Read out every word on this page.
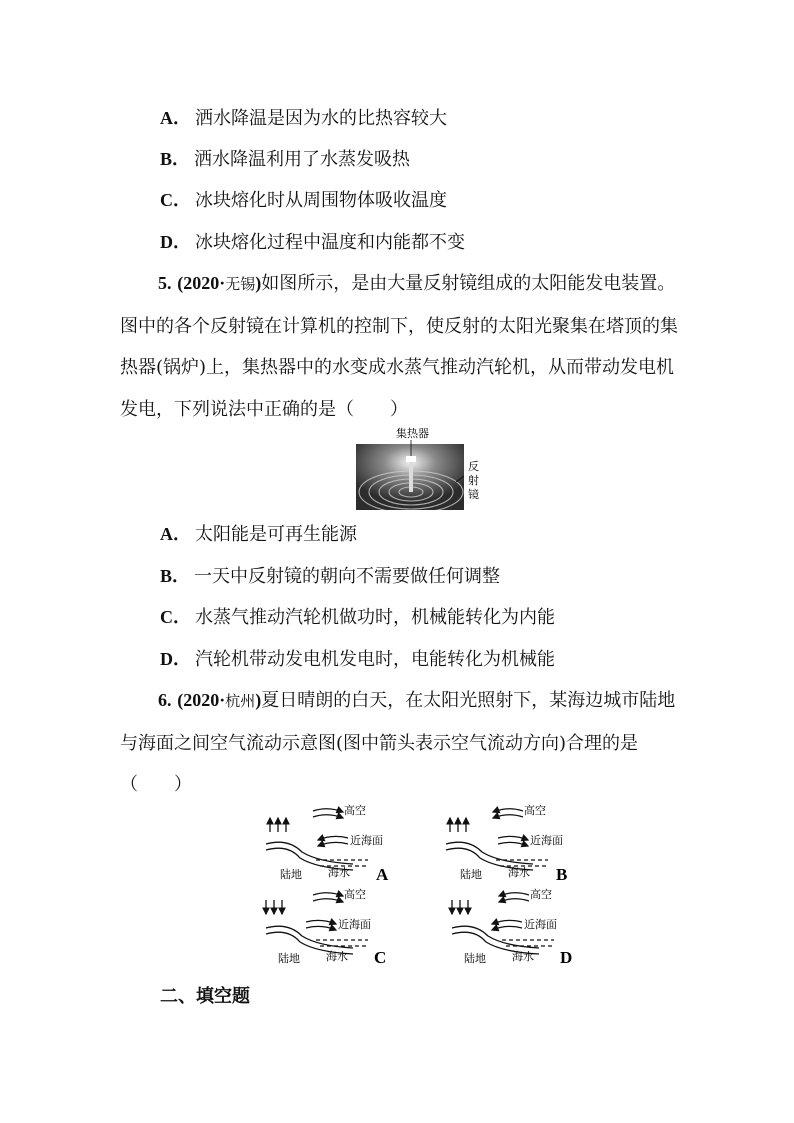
A． 洒水降温是因为水的比热容较大
B． 洒水降温利用了水蒸发吸热
C． 冰块熔化时从周围物体吸收温度
D． 冰块熔化过程中温度和内能都不变
5. (2020·无锡)如图所示，是由大量反射镜组成的太阳能发电装置。图中的各个反射镜在计算机的控制下，使反射的太阳光聚集在塔顶的集热器(锅炉)上，集热器中的水变成水蒸气推动汽轮机，从而带动发电机发电，下列说法中正确的是（　　）
集热器
反
射
镜
A． 太阳能是可再生能源
B． 一天中反射镜的朝向不需要做任何调整
C． 水蒸气推动汽轮机做功时，机械能转化为内能
D． 汽轮机带动发电机发电时，电能转化为机械能
6. (2020·杭州)夏日晴朗的白天，在太阳光照射下，某海边城市陆地与海面之间空气流动示意图(图中箭头表示空气流动方向)合理的是（　　）
高空
近海面
陆地 海水 A
高空
近海面
陆地 海水 B
高空
近海面
陆地 海水 C
高空
近海面
陆地 海水 D
二、填空题
